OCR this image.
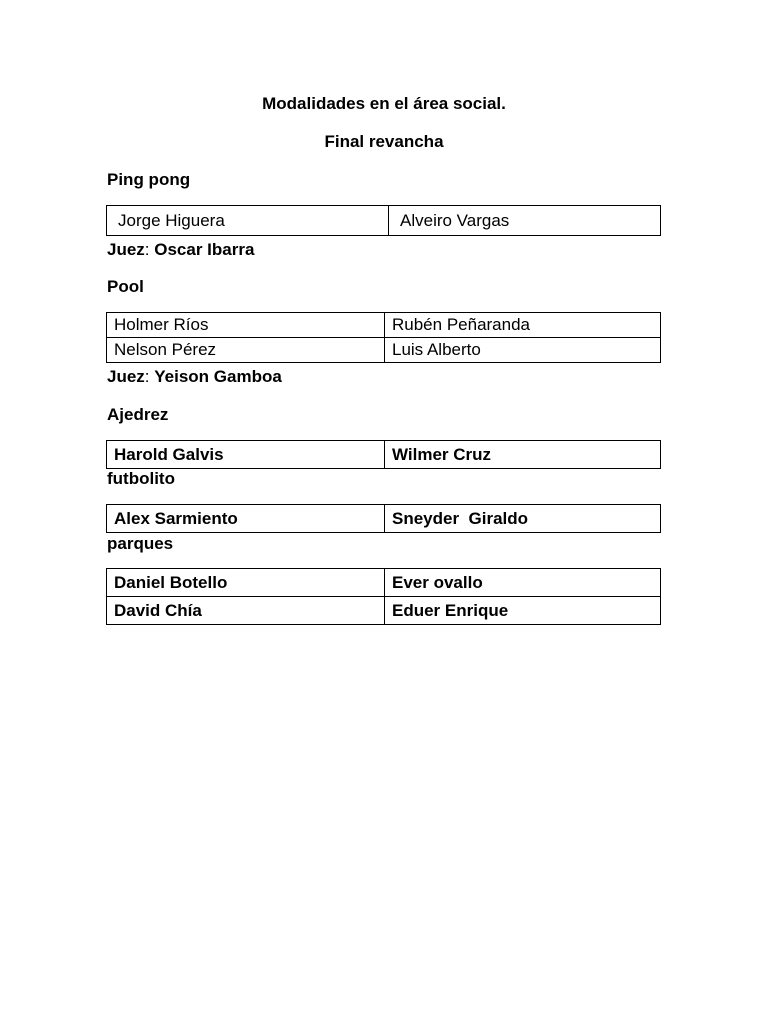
Modalidades en el área social.
Final revancha
Ping pong
Jorge Higuera	Alveiro Vargas
Juez: Oscar Ibarra
Pool
Holmer Ríos	Rubén Peñaranda
Nelson Pérez	Luis Alberto
Juez: Yeison Gamboa
Ajedrez
Harold Galvis	Wilmer Cruz
futbolito
Alex Sarmiento	Sneyder  Giraldo
parques
Daniel Botello	Ever ovallo
David Chía	Eduer Enrique
